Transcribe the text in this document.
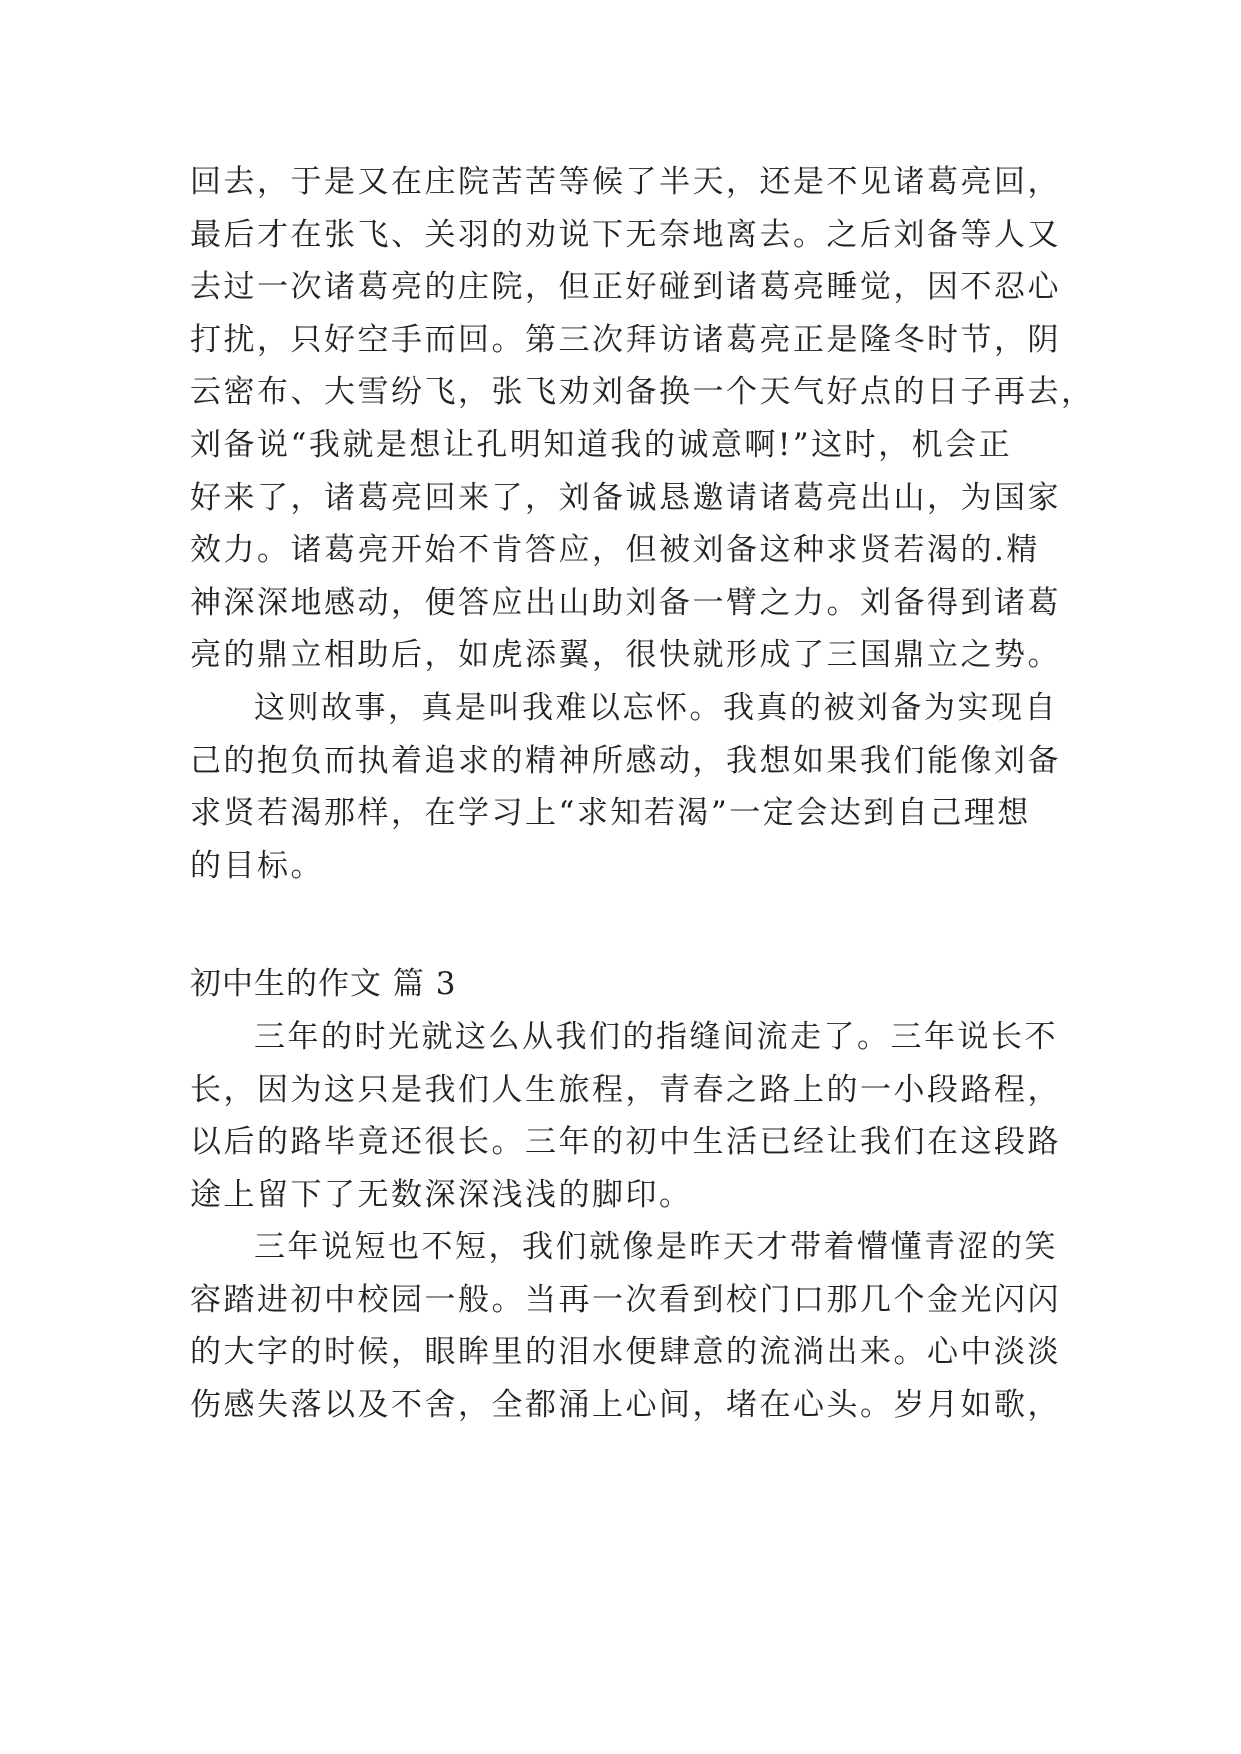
回去，于是又在庄院苦苦等候了半天，还是不见诸葛亮回，
最后才在张飞、关羽的劝说下无奈地离去。之后刘备等人又
去过一次诸葛亮的庄院，但正好碰到诸葛亮睡觉，因不忍心
打扰，只好空手而回。第三次拜访诸葛亮正是隆冬时节，阴
云密布、大雪纷飞，张飞劝刘备换一个天气好点的日子再去，
刘备说“我就是想让孔明知道我的诚意啊!”这时，机会正
好来了，诸葛亮回来了，刘备诚恳邀请诸葛亮出山，为国家
效力。诸葛亮开始不肯答应，但被刘备这种求贤若渴的.精
神深深地感动，便答应出山助刘备一臂之力。刘备得到诸葛
亮的鼎立相助后，如虎添翼，很快就形成了三国鼎立之势。
这则故事，真是叫我难以忘怀。我真的被刘备为实现自
己的抱负而执着追求的精神所感动，我想如果我们能像刘备
求贤若渴那样，在学习上“求知若渴”一定会达到自己理想
的目标。
初中生的作文 篇 3
三年的时光就这么从我们的指缝间流走了。三年说长不
长，因为这只是我们人生旅程，青春之路上的一小段路程，
以后的路毕竟还很长。三年的初中生活已经让我们在这段路
途上留下了无数深深浅浅的脚印。
三年说短也不短，我们就像是昨天才带着懵懂青涩的笑
容踏进初中校园一般。当再一次看到校门口那几个金光闪闪
的大字的时候，眼眸里的泪水便肆意的流淌出来。心中淡淡
伤感失落以及不舍，全都涌上心间，堵在心头。岁月如歌，
